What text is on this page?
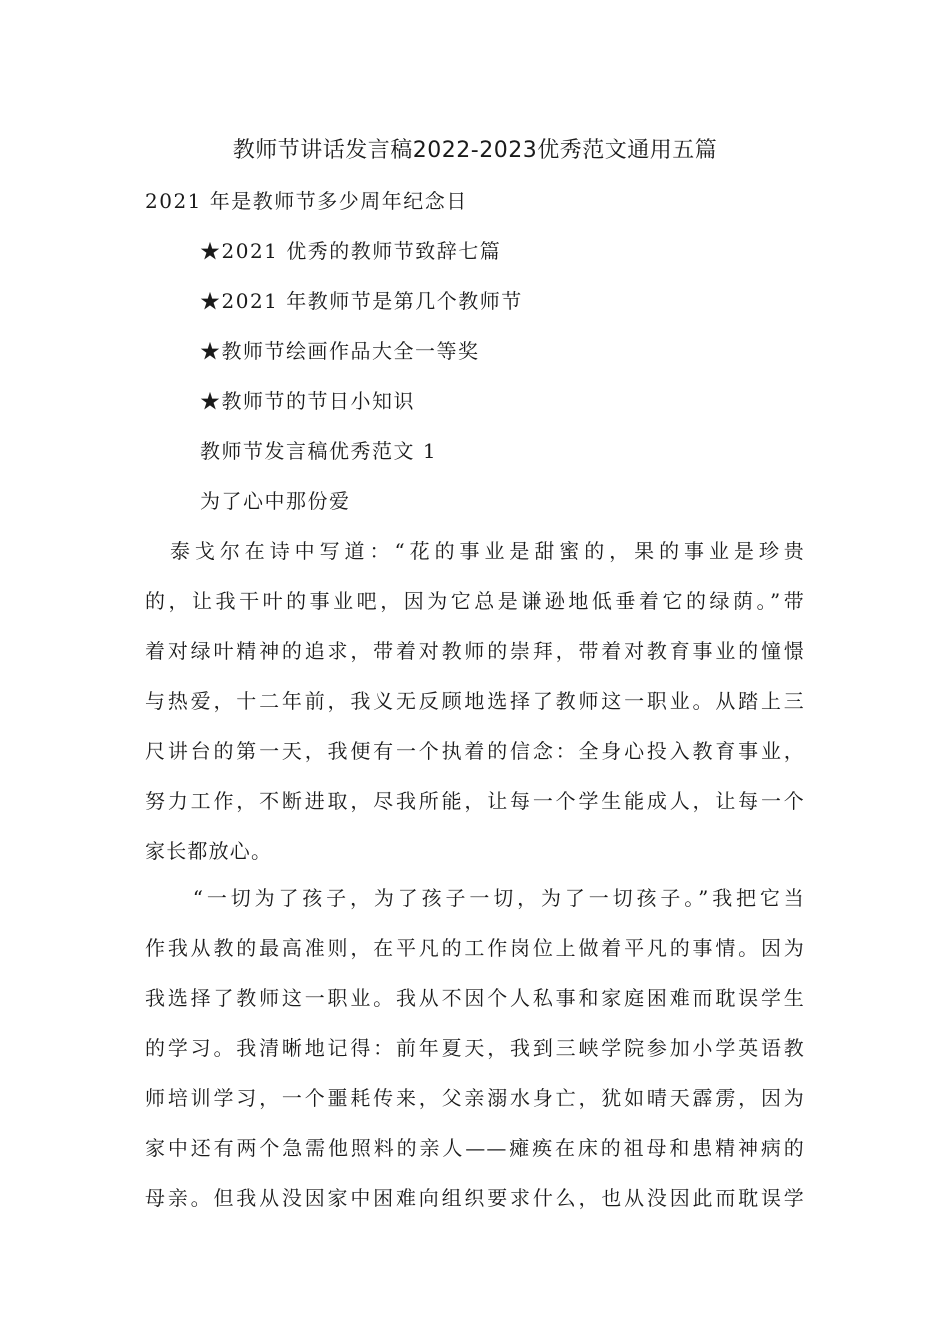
教师节讲话发言稿2022-2023优秀范文通用五篇
2021 年是教师节多少周年纪念日
★2021 优秀的教师节致辞七篇
★2021 年教师节是第几个教师节
★教师节绘画作品大全一等奖
★教师节的节日小知识
教师节发言稿优秀范文 1
为了心中那份爱
　泰戈尔在诗中写道：“花的事业是甜蜜的，果的事业是珍贵
的，让我干叶的事业吧，因为它总是谦逊地低垂着它的绿荫。”带
着对绿叶精神的追求，带着对教师的崇拜，带着对教育事业的憧憬
与热爱，十二年前，我义无反顾地选择了教师这一职业。从踏上三
尺讲台的第一天，我便有一个执着的信念：全身心投入教育事业，
努力工作，不断进取，尽我所能，让每一个学生能成人，让每一个
家长都放心。
　　“一切为了孩子，为了孩子一切，为了一切孩子。”我把它当
作我从教的最高准则，在平凡的工作岗位上做着平凡的事情。因为
我选择了教师这一职业。我从不因个人私事和家庭困难而耽误学生
的学习。我清晰地记得：前年夏天，我到三峡学院参加小学英语教
师培训学习，一个噩耗传来，父亲溺水身亡，犹如晴天霹雳，因为
家中还有两个急需他照料的亲人——瘫痪在床的祖母和患精神病的
母亲。但我从没因家中困难向组织要求什么，也从没因此而耽误学
